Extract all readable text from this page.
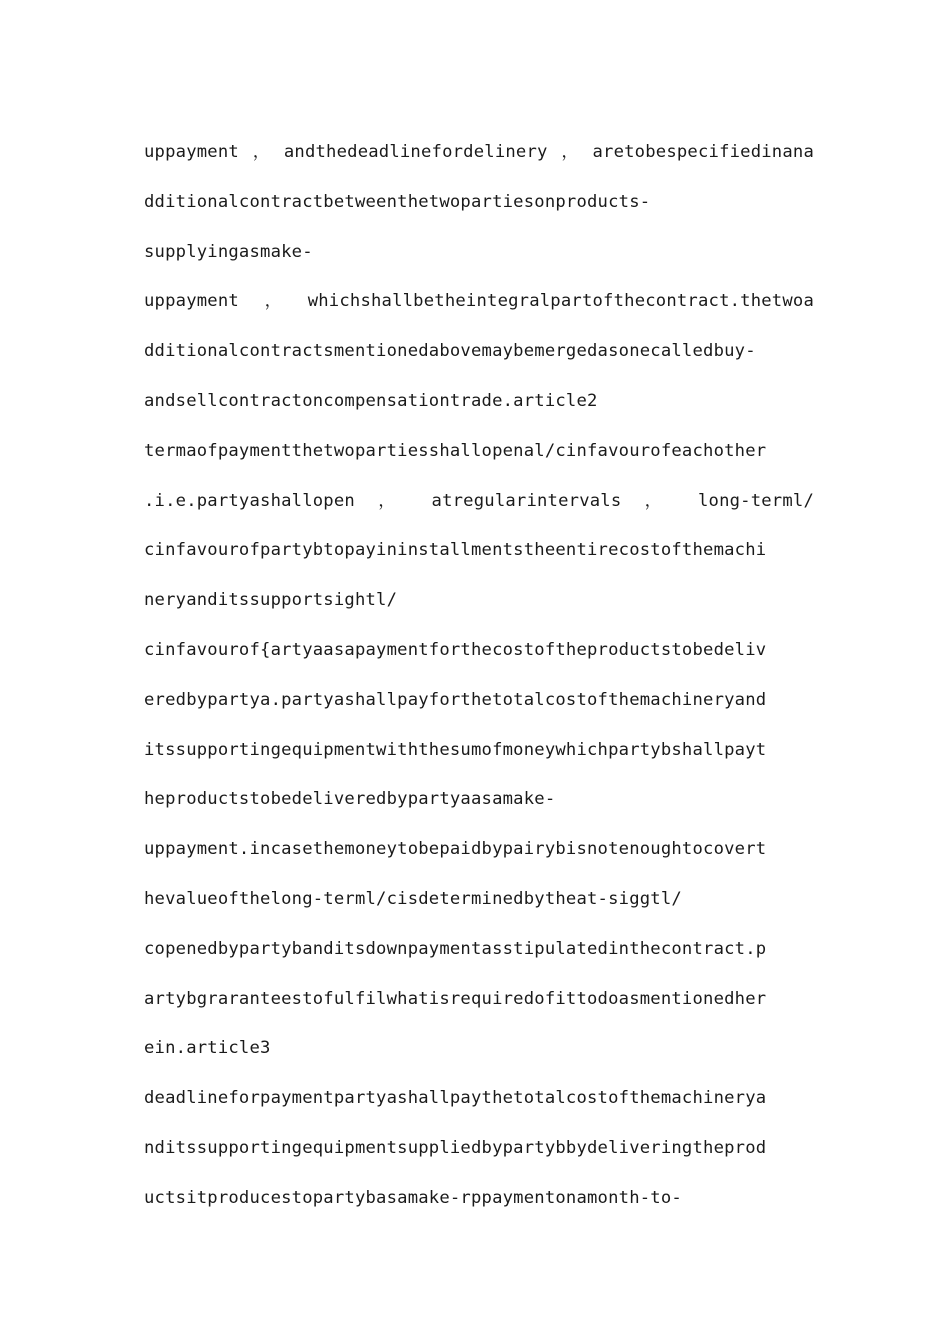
uppayment，andthedeadlinefordelinery，aretobespecifiedinana
dditionalcontractbetweenthetwopartiesonproducts-
supplyingasmake-
uppayment，whichshallbetheintegralpartofthecontract.thetwoa
dditionalcontractsmentionedabovemaybemergedasonecalledbuy-
andsellcontractoncompensationtrade.article2
termaofpaymentthetwopartiesshallopenal/cinfavourofeachother
.i.e.partyashallopen ， atregularintervals ， long-terml/
cinfavourofpartybtopayininstallmentstheentirecostofthemachi
neryanditssupportsightl/
cinfavourof{artyaasapaymentforthecostoftheproductstobedeliv
eredbypartya.partyashallpayforthetotalcostofthemachineryand
itssupportingequipmentwiththesumofmoneywhichpartybshallpayt
heproductstobedeliveredbypartyaasamake-
uppayment.incasethemoneytobepaidbypairybisnotenoughtocovert
hevalueofthelong-terml/cisdeterminedbytheat-siggtl/
copenedbypartybanditsdownpaymentasstipulatedinthecontract.p
artybgraranteestofulfilwhatisrequiredofittodoasmentionedher
ein.article3
deadlineforpaymentpartyashallpaythetotalcostofthemachinerya
nditssupportingequipmentsuppliedbypartybbydeliveringtheprod
uctsitproducestopartybasamake-rppaymentonamonth-to-
